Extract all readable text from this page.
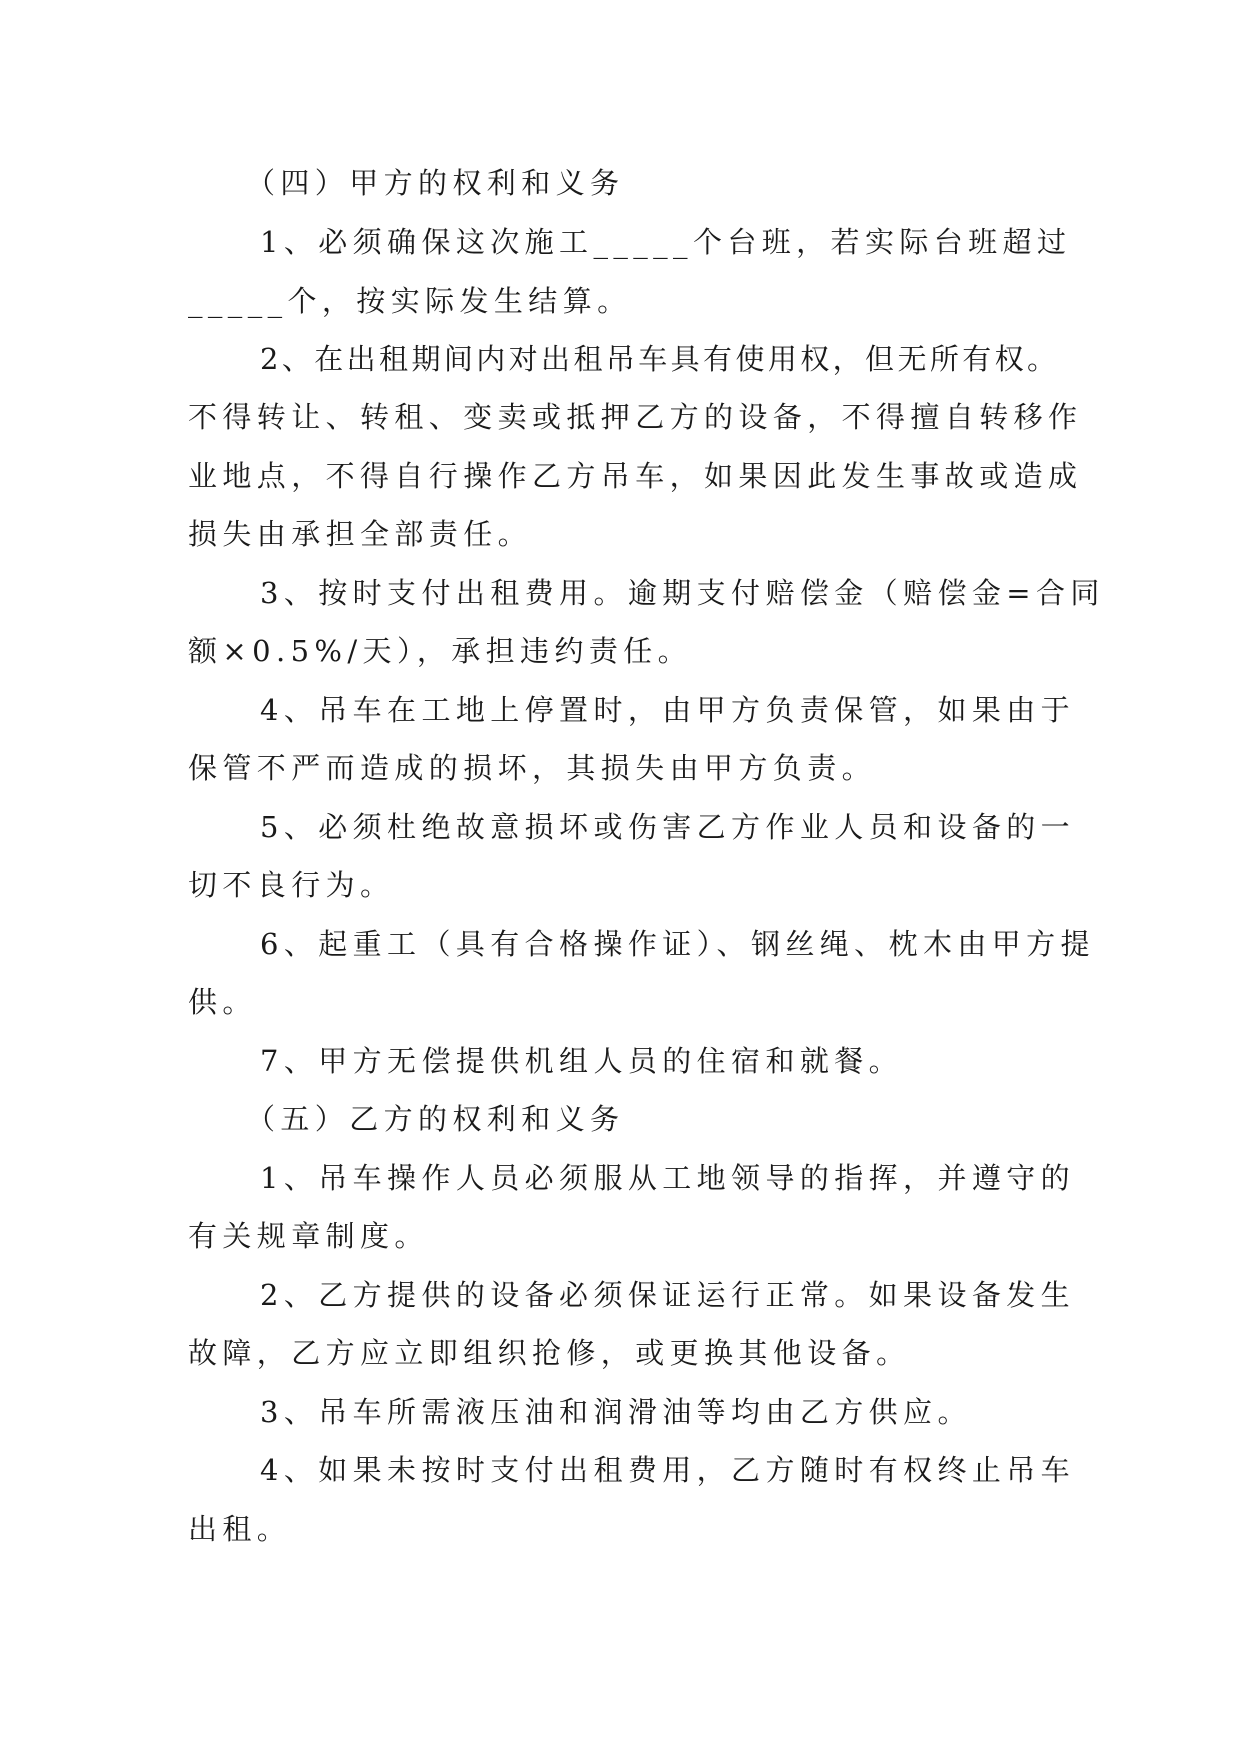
（四）甲方的权利和义务
1、必须确保这次施工_____个台班，若实际台班超过
_____个，按实际发生结算。
2、在出租期间内对出租吊车具有使用权，但无所有权。
不得转让、转租、变卖或抵押乙方的设备，不得擅自转移作
业地点，不得自行操作乙方吊车，如果因此发生事故或造成
损失由承担全部责任。
3、按时支付出租费用。逾期支付赔偿金（赔偿金=合同
额×0.5%/天），承担违约责任。
4、吊车在工地上停置时，由甲方负责保管，如果由于
保管不严而造成的损坏，其损失由甲方负责。
5、必须杜绝故意损坏或伤害乙方作业人员和设备的一
切不良行为。
6、起重工（具有合格操作证）、钢丝绳、枕木由甲方提
供。
7、甲方无偿提供机组人员的住宿和就餐。
（五）乙方的权利和义务
1、吊车操作人员必须服从工地领导的指挥，并遵守的
有关规章制度。
2、乙方提供的设备必须保证运行正常。如果设备发生
故障，乙方应立即组织抢修，或更换其他设备。
3、吊车所需液压油和润滑油等均由乙方供应。
4、如果未按时支付出租费用，乙方随时有权终止吊车
出租。
